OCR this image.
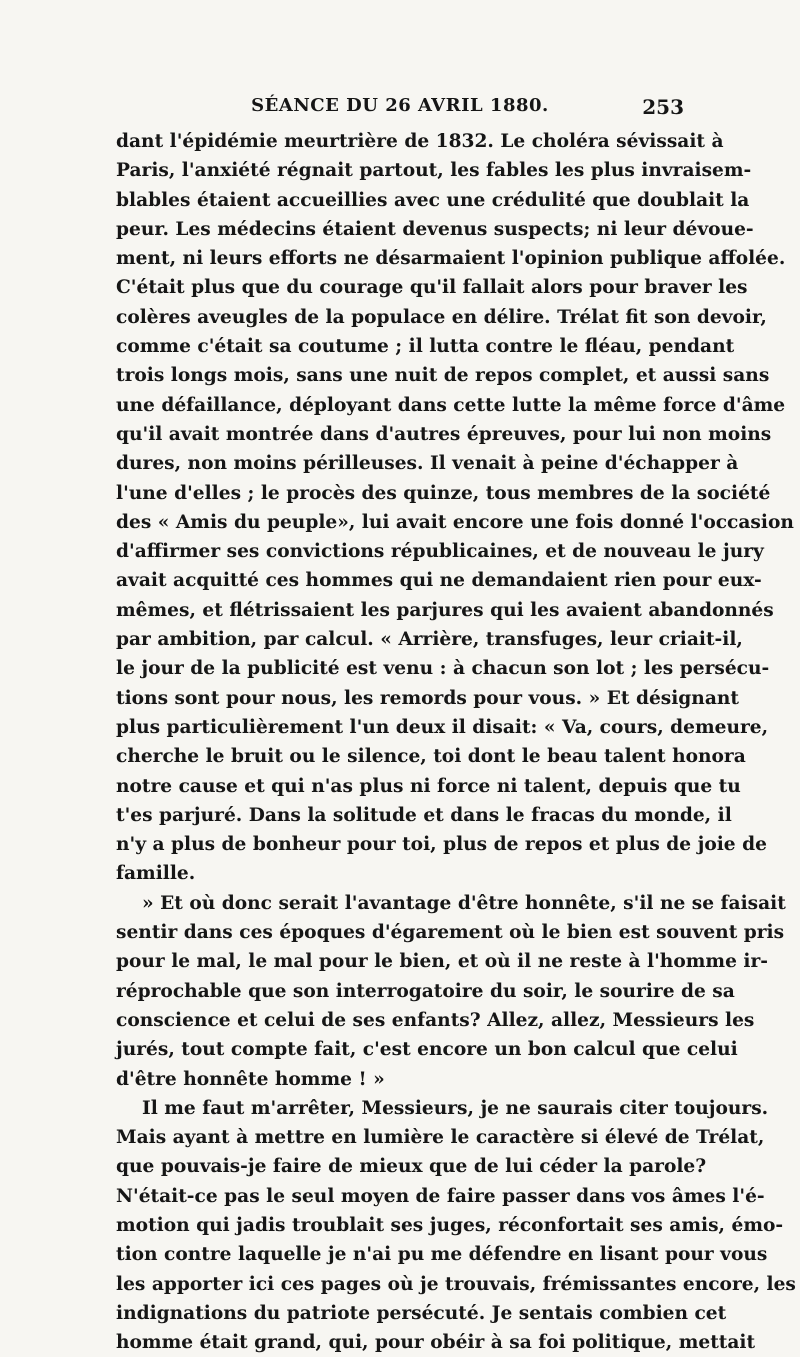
SÉANCE DU 26 AVRIL 1880.	253
dant l'épidémie meurtrière de 1832. Le choléra sévissait à
Paris, l'anxiété régnait partout, les fables les plus invraisem-
blables étaient accueillies avec une crédulité que doublait la
peur. Les médecins étaient devenus suspects; ni leur dévoue-
ment, ni leurs efforts ne désarmaient l'opinion publique affolée.
C'était plus que du courage qu'il fallait alors pour braver les
colères aveugles de la populace en délire. Trélat fit son devoir,
comme c'était sa coutume ; il lutta contre le fléau, pendant
trois longs mois, sans une nuit de repos complet, et aussi sans
une défaillance, déployant dans cette lutte la même force d'âme
qu'il avait montrée dans d'autres épreuves, pour lui non moins
dures, non moins périlleuses. Il venait à peine d'échapper à
l'une d'elles ; le procès des quinze, tous membres de la société
des « Amis du peuple», lui avait encore une fois donné l'occasion
d'affirmer ses convictions républicaines, et de nouveau le jury
avait acquitté ces hommes qui ne demandaient rien pour eux-
mêmes, et flétrissaient les parjures qui les avaient abandonnés
par ambition, par calcul. « Arrière, transfuges, leur criait-il,
le jour de la publicité est venu : à chacun son lot ; les persécu-
tions sont pour nous, les remords pour vous. » Et désignant
plus particulièrement l'un deux il disait: « Va, cours, demeure,
cherche le bruit ou le silence, toi dont le beau talent honora
notre cause et qui n'as plus ni force ni talent, depuis que tu
t'es parjuré. Dans la solitude et dans le fracas du monde, il
n'y a plus de bonheur pour toi, plus de repos et plus de joie de
famille.
» Et où donc serait l'avantage d'être honnête, s'il ne se faisait
sentir dans ces époques d'égarement où le bien est souvent pris
pour le mal, le mal pour le bien, et où il ne reste à l'homme ir-
réprochable que son interrogatoire du soir, le sourire de sa
conscience et celui de ses enfants? Allez, allez, Messieurs les
jurés, tout compte fait, c'est encore un bon calcul que celui
d'être honnête homme ! »
Il me faut m'arrêter, Messieurs, je ne saurais citer toujours.
Mais ayant à mettre en lumière le caractère si élevé de Trélat,
que pouvais-je faire de mieux que de lui céder la parole?
N'était-ce pas le seul moyen de faire passer dans vos âmes l'é-
motion qui jadis troublait ses juges, réconfortait ses amis, émo-
tion contre laquelle je n'ai pu me défendre en lisant pour vous
les apporter ici ces pages où je trouvais, frémissantes encore, les
indignations du patriote persécuté. Je sentais combien cet
homme était grand, qui, pour obéir à sa foi politique, mettait
